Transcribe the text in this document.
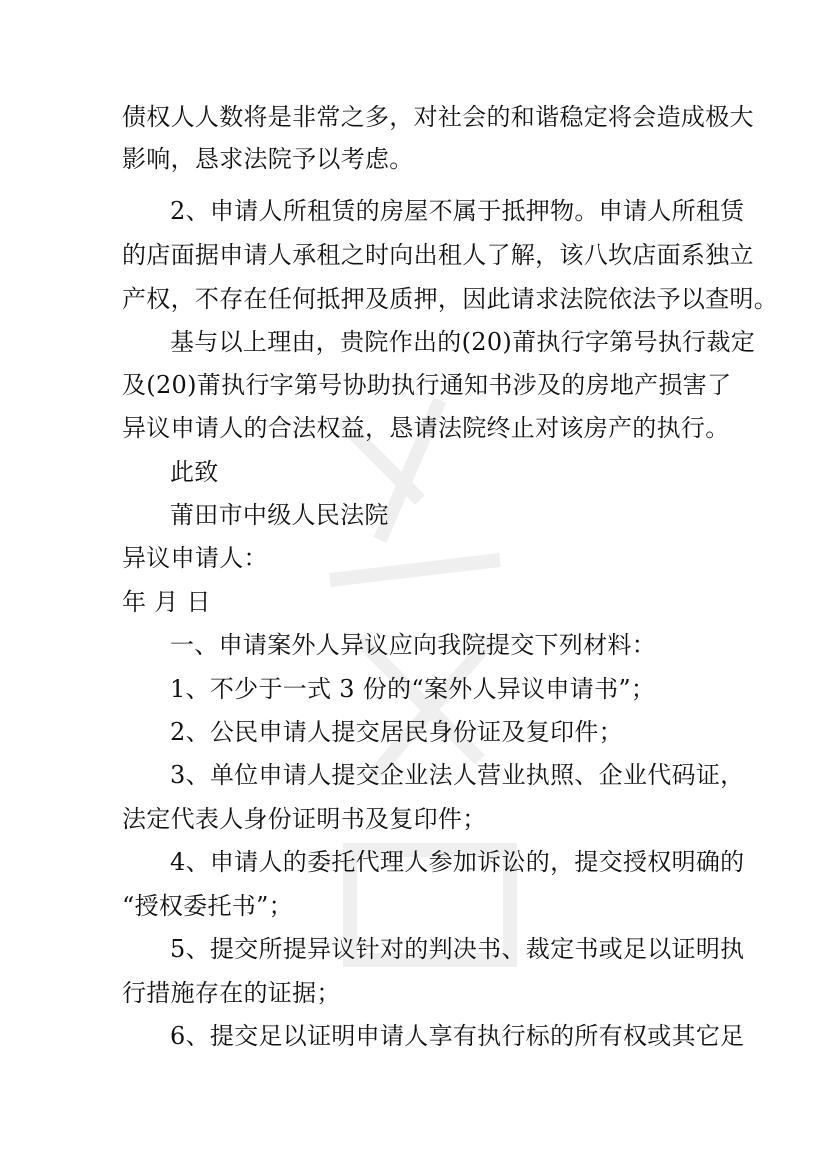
债权人人数将是非常之多，对社会的和谐稳定将会造成极大
影响，恳求法院予以考虑。
2、申请人所租赁的房屋不属于抵押物。申请人所租赁
的店面据申请人承租之时向出租人了解，该八坎店面系独立
产权，不存在任何抵押及质押，因此请求法院依法予以查明。
基与以上理由，贵院作出的(20)莆执行字第号执行裁定
及(20)莆执行字第号协助执行通知书涉及的房地产损害了
异议申请人的合法权益，恳请法院终止对该房产的执行。
此致
莆田市中级人民法院
异议申请人：
年 月 日
一、申请案外人异议应向我院提交下列材料：
1、不少于一式 3 份的“案外人异议申请书”；
2、公民申请人提交居民身份证及复印件；
3、单位申请人提交企业法人营业执照、企业代码证，
法定代表人身份证明书及复印件；
4、申请人的委托代理人参加诉讼的，提交授权明确的
“授权委托书”；
5、提交所提异议针对的判决书、裁定书或足以证明执
行措施存在的证据；
6、提交足以证明申请人享有执行标的所有权或其它足
